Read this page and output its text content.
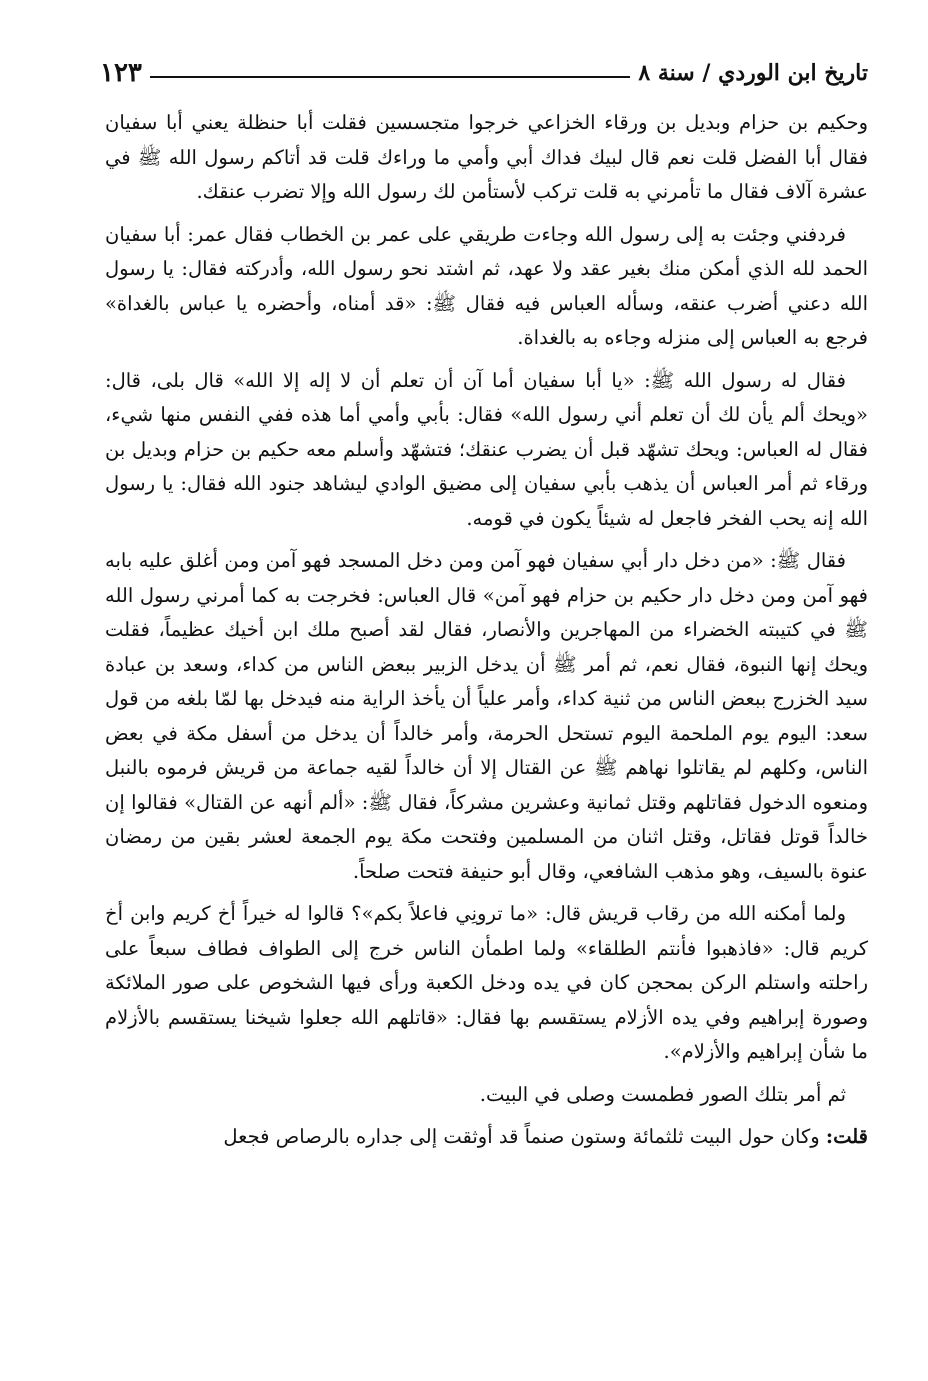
تاريخ ابن الوردي / سنة ٨
١٢٣

وحكيم بن حزام وبديل بن ورقاء الخزاعي خرجوا متجسسين فقلت أبا حنظلة يعني أبا سفيان فقال أبا الفضل قلت نعم قال لبيك فداك أبي وأمي ما وراءك قلت قد أتاكم رسول الله ﷺ في عشرة آلاف فقال ما تأمرني به قلت تركب لأستأمن لك رسول الله وإلا تضرب عنقك.

فردفني وجئت به إلى رسول الله وجاءت طريقي على عمر بن الخطاب فقال عمر: أبا سفيان الحمد لله الذي أمكن منك بغير عقد ولا عهد، ثم اشتد نحو رسول الله، وأدركته فقال: يا رسول الله دعني أضرب عنقه، وسأله العباس فيه فقال ﷺ: «قد أمناه، وأحضره يا عباس بالغداة» فرجع به العباس إلى منزله وجاءه به بالغداة.

فقال له رسول الله ﷺ: «يا أبا سفيان أما آن أن تعلم أن لا إله إلا الله» قال بلى، قال: «ويحك ألم يأن لك أن تعلم أني رسول الله» فقال: بأبي وأمي أما هذه ففي النفس منها شيء، فقال له العباس: ويحك تشهّد قبل أن يضرب عنقك؛ فتشهّد وأسلم معه حكيم بن حزام وبديل بن ورقاء ثم أمر العباس أن يذهب بأبي سفيان إلى مضيق الوادي ليشاهد جنود الله فقال: يا رسول الله إنه يحب الفخر فاجعل له شيئاً يكون في قومه.

فقال ﷺ: «من دخل دار أبي سفيان فهو آمن ومن دخل المسجد فهو آمن ومن أغلق عليه بابه فهو آمن ومن دخل دار حكيم بن حزام فهو آمن» قال العباس: فخرجت به كما أمرني رسول الله ﷺ في كتيبته الخضراء من المهاجرين والأنصار، فقال لقد أصبح ملك ابن أخيك عظيماً، فقلت ويحك إنها النبوة، فقال نعم، ثم أمر ﷺ أن يدخل الزبير ببعض الناس من كداء، وسعد بن عبادة سيد الخزرج ببعض الناس من ثنية كداء، وأمر علياً أن يأخذ الراية منه فيدخل بها لمّا بلغه من قول سعد: اليوم يوم الملحمة اليوم تستحل الحرمة، وأمر خالداً أن يدخل من أسفل مكة في بعض الناس، وكلهم لم يقاتلوا نهاهم ﷺ عن القتال إلا أن خالداً لقيه جماعة من قريش فرموه بالنبل ومنعوه الدخول فقاتلهم وقتل ثمانية وعشرين مشركاً، فقال ﷺ: «ألم أنهه عن القتال» فقالوا إن خالداً قوتل فقاتل، وقتل اثنان من المسلمين وفتحت مكة يوم الجمعة لعشر بقين من رمضان عنوة بالسيف، وهو مذهب الشافعي، وقال أبو حنيفة فتحت صلحاً.

ولما أمكنه الله من رقاب قريش قال: «ما ترونِي فاعلاً بكم»؟ قالوا له خيراً أخ كريم وابن أخ كريم قال: «فاذهبوا فأنتم الطلقاء» ولما اطمأن الناس خرج إلى الطواف فطاف سبعاً على راحلته واستلم الركن بمحجن كان في يده ودخل الكعبة ورأى فيها الشخوص على صور الملائكة وصورة إبراهيم وفي يده الأزلام يستقسم بها فقال: «قاتلهم الله جعلوا شيخنا يستقسم بالأزلام ما شأن إبراهيم والأزلام».

ثم أمر بتلك الصور فطمست وصلى في البيت.

قلت: وكان حول البيت ثلثمائة وستون صنماً قد أوثقت إلى جداره بالرصاص فجعل
